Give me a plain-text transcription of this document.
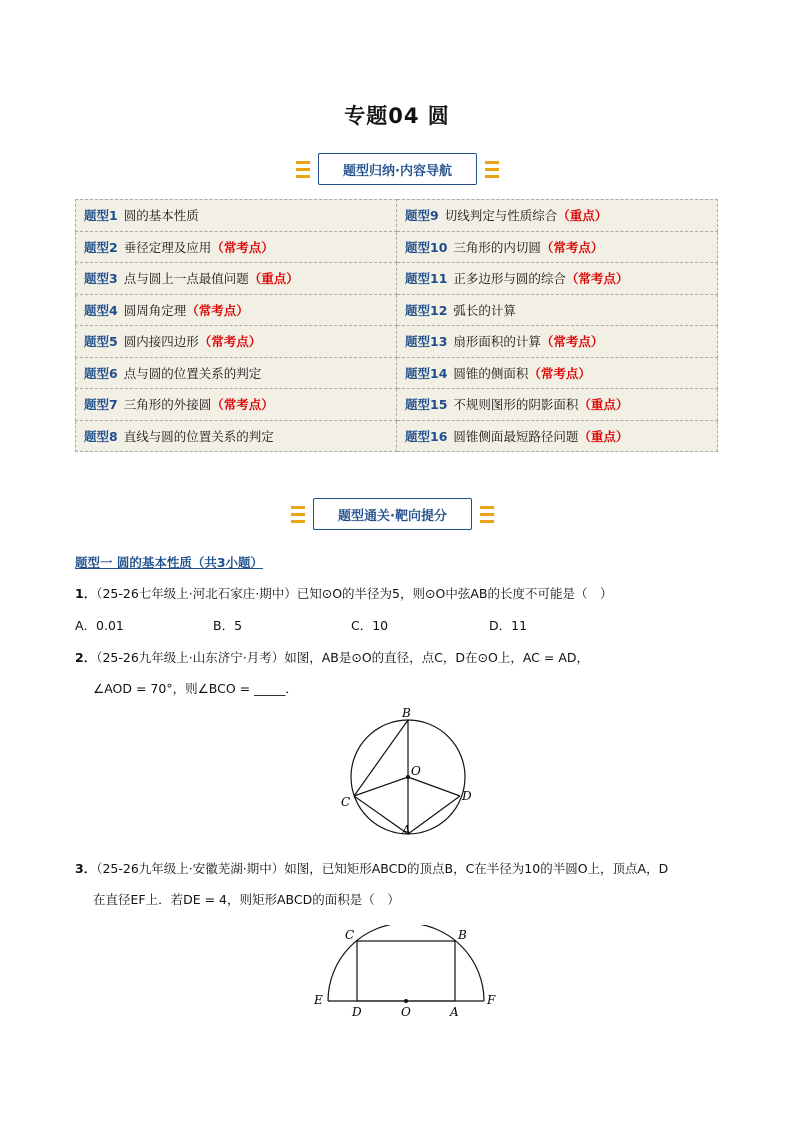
专题04 圆
题型归纳·内容导航
题型1 圆的基本性质	题型9 切线判定与性质综合（重点）
题型2 垂径定理及应用（常考点）	题型10 三角形的内切圆（常考点）
题型3 点与圆上一点最值问题（重点）	题型11 正多边形与圆的综合（常考点）
题型4 圆周角定理（常考点）	题型12 弧长的计算
题型5 圆内接四边形（常考点）	题型13 扇形面积的计算（常考点）
题型6 点与圆的位置关系的判定	题型14 圆锥的侧面积（常考点）
题型7 三角形的外接圆（常考点）	题型15 不规则图形的阴影面积（重点）
题型8 直线与圆的位置关系的判定	题型16 圆锥侧面最短路径问题（重点）
题型通关·靶向提分
题型一 圆的基本性质（共3小题）
1．（25-26七年级上·河北石家庄·期中）已知⊙O的半径为5，则⊙O中弦AB的长度不可能是（　）
A．0.01	B．5	C．10	D．11
2．（25-26九年级上·山东济宁·月考）如图，AB是⊙O的直径，点C，D在⊙O上，AC = AD，
∠AOD = 70°，则∠BCO = _____．
B
O
C	D
A
3．（25-26九年级上·安徽芜湖·期中）如图，已知矩形ABCD的顶点B，C在半径为10的半圆O上，顶点A，D
在直径EF上．若DE = 4，则矩形ABCD的面积是（　）
C	B
E
D	O	A
F
